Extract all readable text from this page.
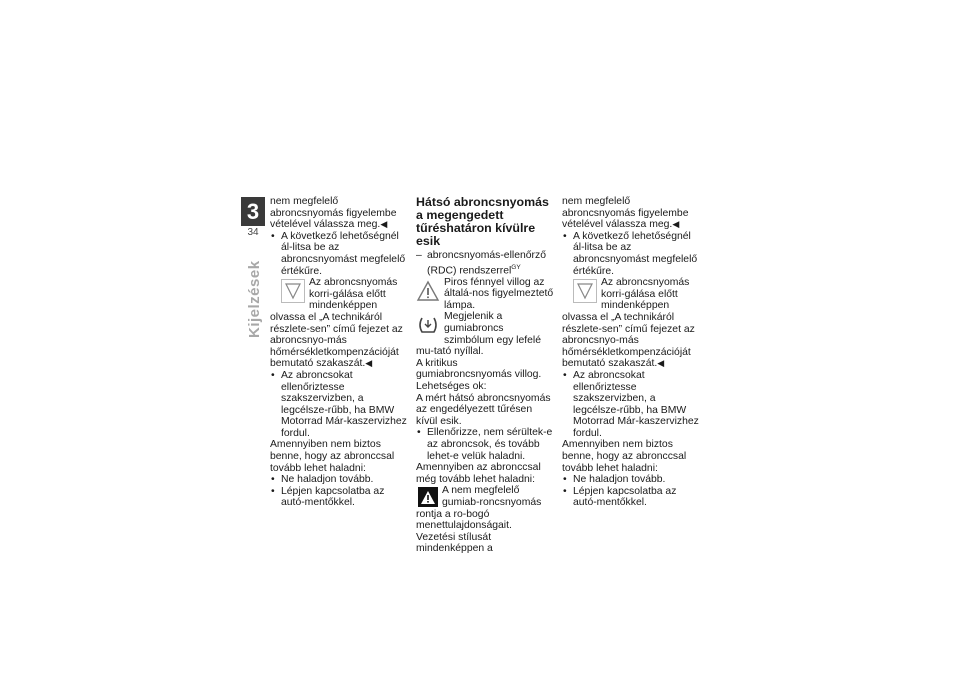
3
34
Kijelzések

nem megfelelő abroncsnyomás figyelembe vételével válassza meg.◀

• A következő lehetőségnél ál-litsa be az abroncsnyomást megfelelő értékűre.

Az abroncsnyomás korri-gálása előtt mindenképpen olvassa el „A technikáról részlete-sen” című fejezet az abroncsnyo-más hőmérsékletkompenzációját bemutató szakaszát.◀

• Az abroncsokat ellenőriztesse szakszervizben, a legcélsze-rűbb, ha BMW Motorrad Már-kaszervizhez fordul.

Amennyiben nem biztos benne, hogy az abronccsal tovább lehet haladni:

• Ne haladjon tovább.

• Lépjen kapcsolatba az autó-mentőkkel.

Hátsó abroncsnyomás a megengedett tűréshatáron kívülre esik

– abroncsnyomás-ellenőrző (RDC) rendszerrel$^{GY}$

Piros fénnyel villog az általá-nos figyelmeztető lámpa.

Megjelenik a gumiabroncs szimbólum egy lefelé mu-tató nyíllal.

A kritikus gumiabroncsnyomás villog.

Lehetséges ok:

A mért hátsó abroncsnyomás az engedélyezett tűrésen kívül esik.

• Ellenőrizze, nem sérültek-e az abroncsok, és tovább lehet-e velük haladni.

Amennyiben az abronccsal még tovább lehet haladni:

A nem megfelelő gumiab-roncsnyomás rontja a ro-bogó menettulajdonságait.

Vezetési stílusát mindenképpen a

nem megfelelő abroncsnyomás figyelembe vételével válassza meg.◀

• A következő lehetőségnél ál-litsa be az abroncsnyomást megfelelő értékűre.

Az abroncsnyomás korri-gálása előtt mindenképpen olvassa el „A technikáról részlete-sen” című fejezet az abroncsnyo-más hőmérsékletkompenzációját bemutató szakaszát.◀

• Az abroncsokat ellenőriztesse szakszervizben, a legcélsze-rűbb, ha BMW Motorrad Már-kaszervizhez fordul.

Amennyiben nem biztos benne, hogy az abronccsal tovább lehet haladni:

• Ne haladjon tovább.

• Lépjen kapcsolatba az autó-mentőkkel.
